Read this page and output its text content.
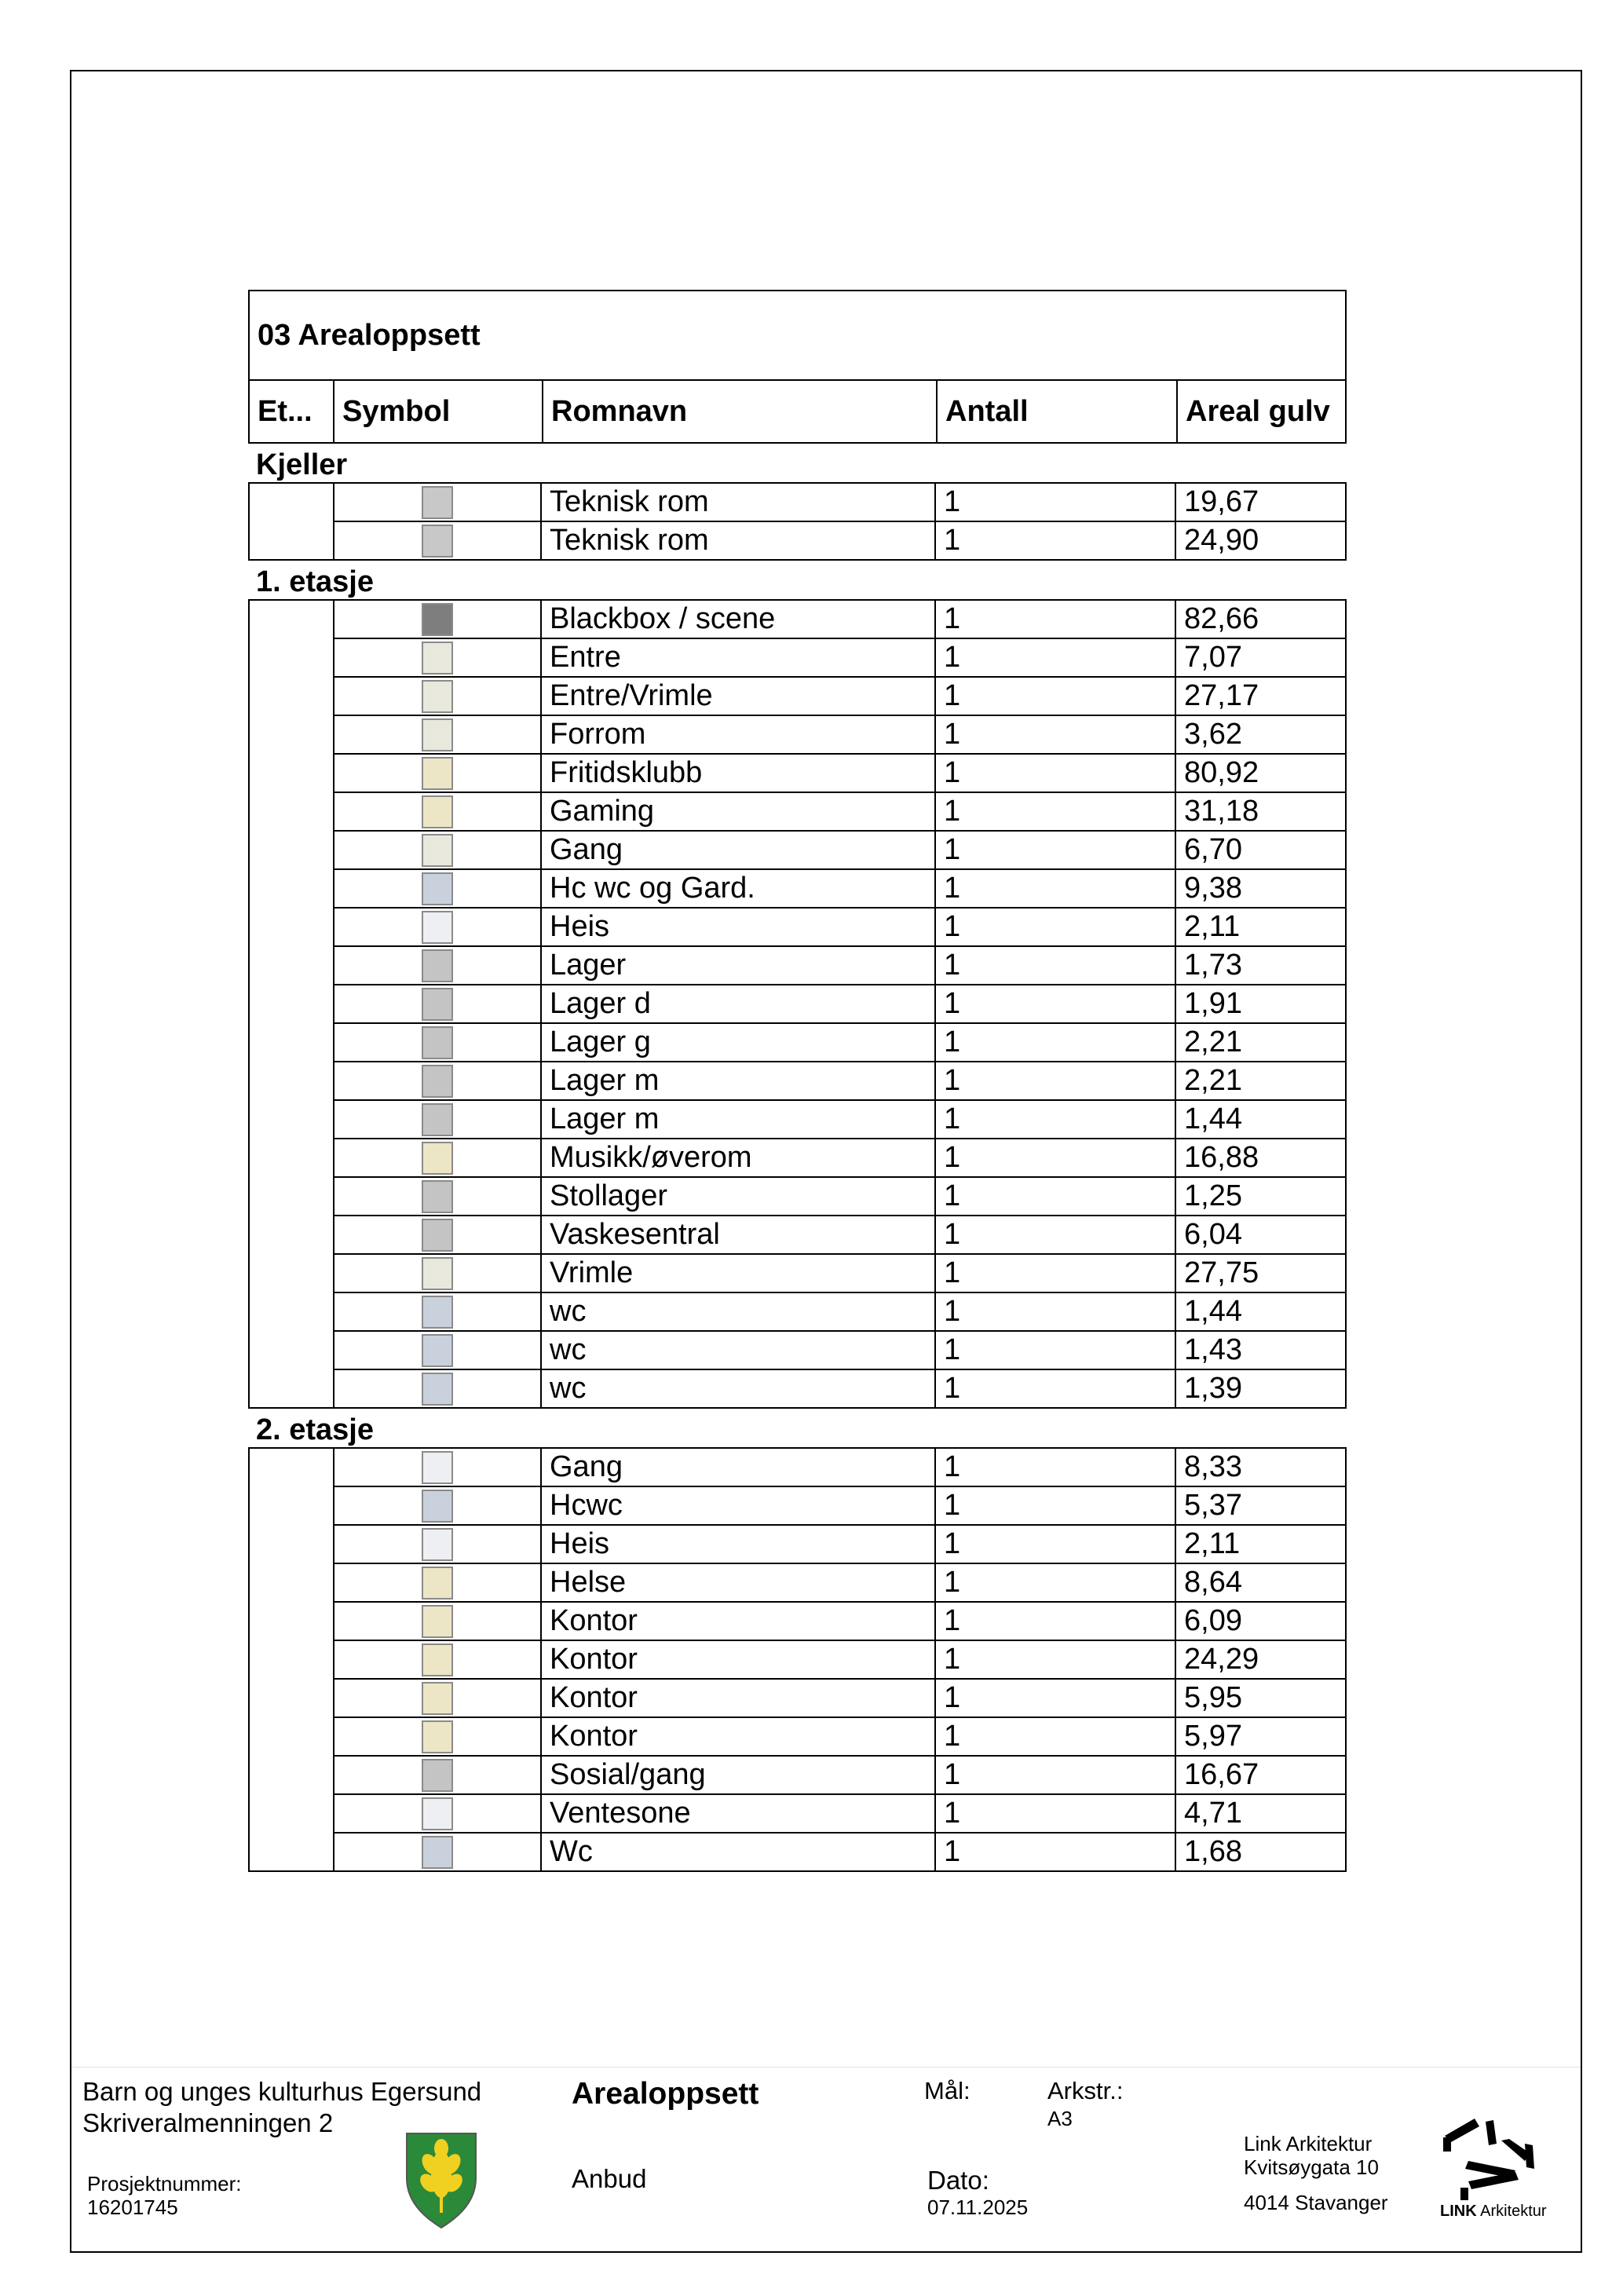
03 Arealoppsett
Et...	Symbol	Romnavn	Antall	Areal gulv
Kjeller
Teknisk rom	1	19,67
Teknisk rom	1	24,90
1. etasje
Blackbox / scene	1	82,66
Entre	1	7,07
Entre/Vrimle	1	27,17
Forrom	1	3,62
Fritidsklubb	1	80,92
Gaming	1	31,18
Gang	1	6,70
Hc wc og Gard.	1	9,38
Heis	1	2,11
Lager	1	1,73
Lager d	1	1,91
Lager g	1	2,21
Lager m	1	2,21
Lager m	1	1,44
Musikk/øverom	1	16,88
Stollager	1	1,25
Vaskesentral	1	6,04
Vrimle	1	27,75
wc	1	1,44
wc	1	1,43
wc	1	1,39
2. etasje
Gang	1	8,33
Hcwc	1	5,37
Heis	1	2,11
Helse	1	8,64
Kontor	1	6,09
Kontor	1	24,29
Kontor	1	5,95
Kontor	1	5,97
Sosial/gang	1	16,67
Ventesone	1	4,71
Wc	1	1,68
Barn og unges kulturhus Egersund
Skriveralmenningen 2
Prosjektnummer:
16201745
Arealoppsett
Anbud
Mål:	Arkstr.:
A3
Dato:
07.11.2025
Link Arkitektur
Kvitsøygata 10
4014 Stavanger	LINK Arkitektur
